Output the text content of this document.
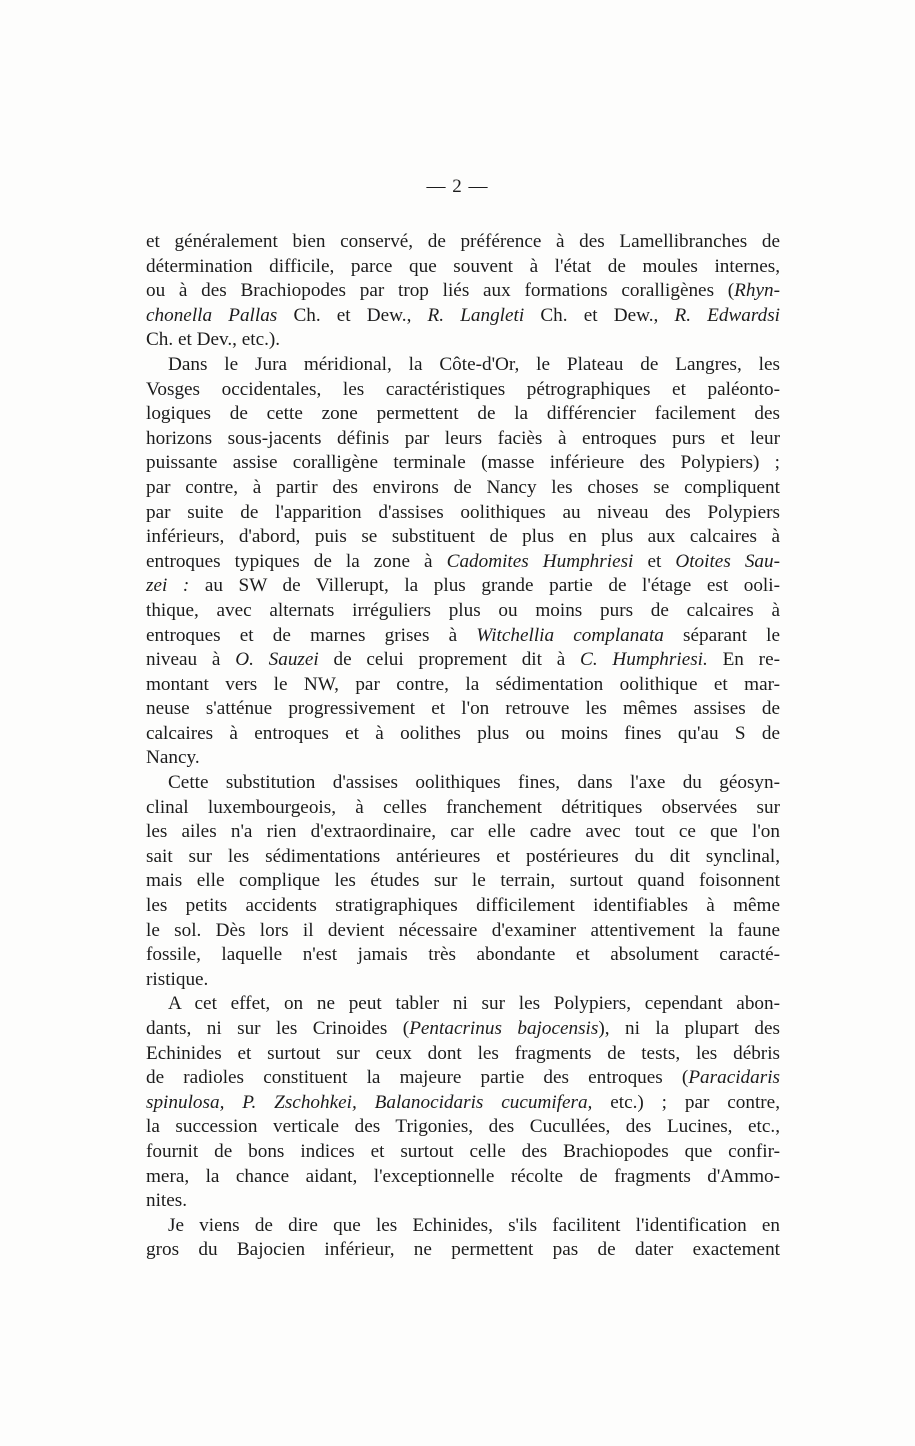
— 2 —
et généralement bien conservé, de préférence à des Lamellibranches de
détermination difficile, parce que souvent à l'état de moules internes,
ou à des Brachiopodes par trop liés aux formations coralligènes (Rhyn-
chonella Pallas Ch. et Dew., R. Langleti Ch. et Dew., R. Edwardsi
Ch. et Dev., etc.).
Dans le Jura méridional, la Côte-d'Or, le Plateau de Langres, les
Vosges occidentales, les caractéristiques pétrographiques et paléonto-
logiques de cette zone permettent de la différencier facilement des
horizons sous-jacents définis par leurs faciès à entroques purs et leur
puissante assise coralligène terminale (masse inférieure des Polypiers) ;
par contre, à partir des environs de Nancy les choses se compliquent
par suite de l'apparition d'assises oolithiques au niveau des Polypiers
inférieurs, d'abord, puis se substituent de plus en plus aux calcaires à
entroques typiques de la zone à Cadomites Humphriesi et Otoites Sau-
zei : au SW de Villerupt, la plus grande partie de l'étage est ooli-
thique, avec alternats irréguliers plus ou moins purs de calcaires à
entroques et de marnes grises à Witchellia complanata séparant le
niveau à O. Sauzei de celui proprement dit à C. Humphriesi. En re-
montant vers le NW, par contre, la sédimentation oolithique et mar-
neuse s'atténue progressivement et l'on retrouve les mêmes assises de
calcaires à entroques et à oolithes plus ou moins fines qu'au S de
Nancy.
Cette substitution d'assises oolithiques fines, dans l'axe du géosyn-
clinal luxembourgeois, à celles franchement détritiques observées sur
les ailes n'a rien d'extraordinaire, car elle cadre avec tout ce que l'on
sait sur les sédimentations antérieures et postérieures du dit synclinal,
mais elle complique les études sur le terrain, surtout quand foisonnent
les petits accidents stratigraphiques difficilement identifiables à même
le sol. Dès lors il devient nécessaire d'examiner attentivement la faune
fossile, laquelle n'est jamais très abondante et absolument caracté-
ristique.
A cet effet, on ne peut tabler ni sur les Polypiers, cependant abon-
dants, ni sur les Crinoides (Pentacrinus bajocensis), ni la plupart des
Echinides et surtout sur ceux dont les fragments de tests, les débris
de radioles constituent la majeure partie des entroques (Paracidaris
spinulosa, P. Zschohkei, Balanocidaris cucumifera, etc.) ; par contre,
la succession verticale des Trigonies, des Cucullées, des Lucines, etc.,
fournit de bons indices et surtout celle des Brachiopodes que confir-
mera, la chance aidant, l'exceptionnelle récolte de fragments d'Ammo-
nites.
Je viens de dire que les Echinides, s'ils facilitent l'identification en
gros du Bajocien inférieur, ne permettent pas de dater exactement
